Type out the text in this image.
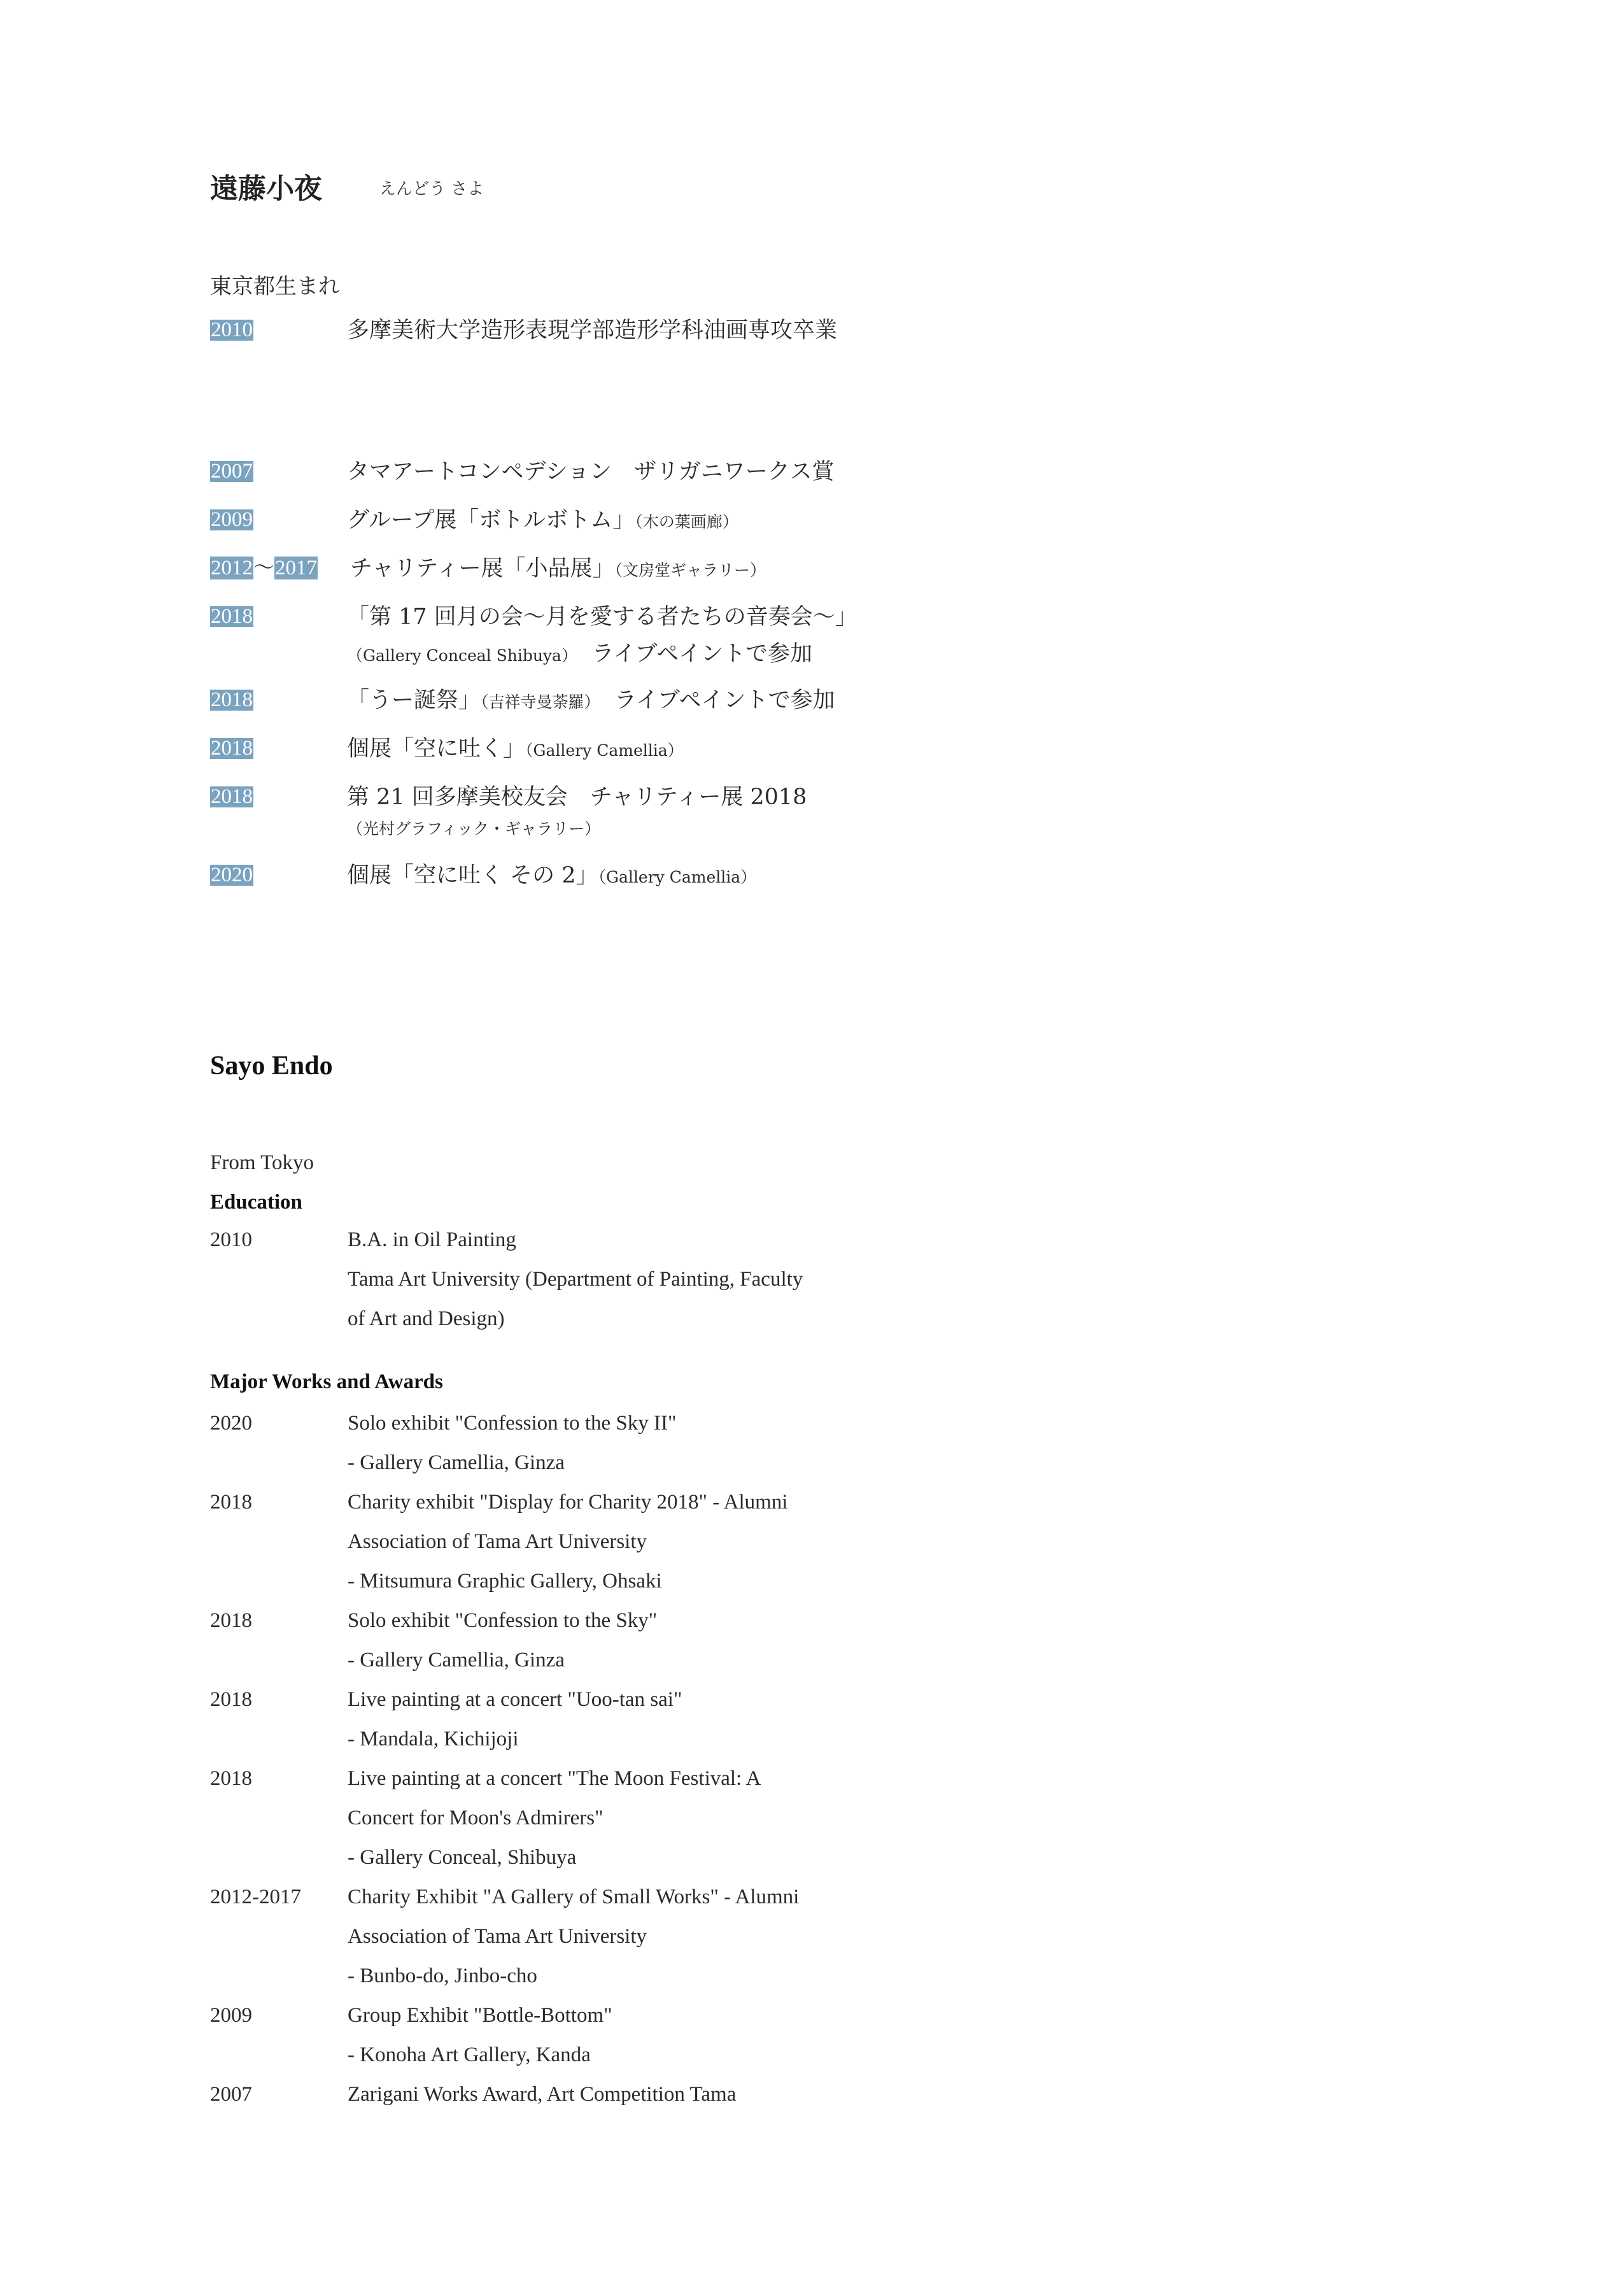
遠藤小夜	えんどう さよ
東京都生まれ
2010	多摩美術大学造形表現学部造形学科油画専攻卒業
2007	タマアートコンペデション　ザリガニワークス賞
2009	グループ展「ボトルボトム」（木の葉画廊）
2012～2017 チャリティー展「小品展」（文房堂ギャラリー）
2018	「第 17 回月の会～月を愛する者たちの音奏会～」
（Gallery Conceal Shibuya）　ライブペイントで参加
2018	「うー誕祭」（吉祥寺曼荼羅）　ライブペイントで参加
2018	個展「空に吐く」（Gallery Camellia）
2018	第 21 回多摩美校友会　チャリティー展 2018
（光村グラフィック・ギャラリー）
2020	個展「空に吐く その 2」（Gallery Camellia）
Sayo Endo
From Tokyo
Education
2010	B.A. in Oil Painting
Tama Art University (Department of Painting, Faculty
of Art and Design)
Major Works and Awards
2020	Solo exhibit "Confession to the Sky II"
- Gallery Camellia, Ginza
2018	Charity exhibit "Display for Charity 2018" - Alumni
Association of Tama Art University
- Mitsumura Graphic Gallery, Ohsaki
2018	Solo exhibit "Confession to the Sky"
- Gallery Camellia, Ginza
2018	Live painting at a concert "Uoo-tan sai"
- Mandala, Kichijoji
2018	Live painting at a concert "The Moon Festival: A
Concert for Moon's Admirers"
- Gallery Conceal, Shibuya
2012-2017 Charity Exhibit "A Gallery of Small Works" - Alumni
Association of Tama Art University
- Bunbo-do, Jinbo-cho
2009	Group Exhibit "Bottle-Bottom"
- Konoha Art Gallery, Kanda
2007	Zarigani Works Award, Art Competition Tama
